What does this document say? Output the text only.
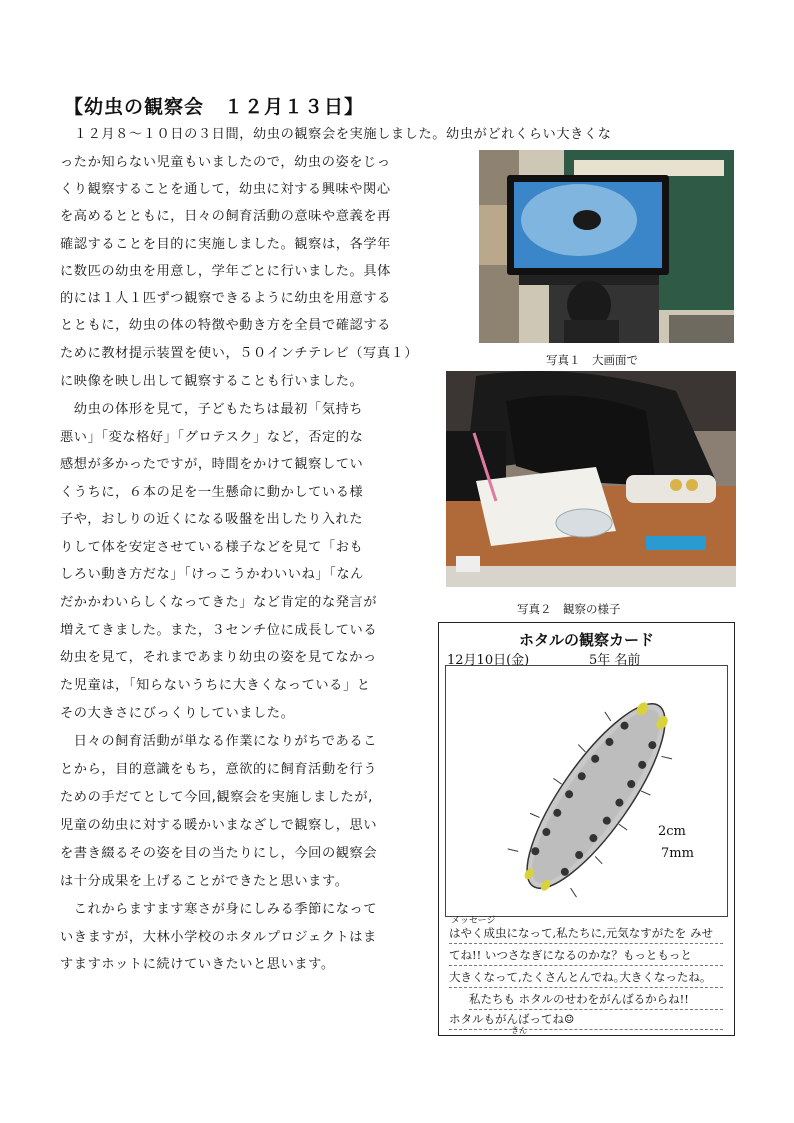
【幼虫の観察会　１２月１３日】
　１２月８～１０日の３日間，幼虫の観察会を実施しました。幼虫がどれくらい大きくな
ったか知らない児童もいましたので，幼虫の姿をじっ
くり観察することを通して，幼虫に対する興味や関心
を高めるとともに，日々の飼育活動の意味や意義を再
確認することを目的に実施しました。観察は，各学年
に数匹の幼虫を用意し，学年ごとに行いました。具体
的には１人１匹ずつ観察できるように幼虫を用意する
とともに，幼虫の体の特徴や動き方を全員で確認する
ために教材提示装置を使い，５０インチテレビ（写真１）
に映像を映し出して観察することも行いました。
　幼虫の体形を見て，子どもたちは最初「気持ち
悪い」「変な格好」「グロテスク」など，否定的な
感想が多かったですが，時間をかけて観察してい
くうちに，６本の足を一生懸命に動かしている様
子や，おしりの近くになる吸盤を出したり入れた
りして体を安定させている様子などを見て「おも
しろい動き方だな」「けっこうかわいいね」「なん
だかかわいらしくなってきた」など肯定的な発言が
増えてきました。また，３センチ位に成長している
幼虫を見て，それまであまり幼虫の姿を見てなかっ
た児童は，｢知らないうちに大きくなっている」と
その大きさにびっくりしていました。
　日々の飼育活動が単なる作業になりがちであるこ
とから，目的意識をもち，意欲的に飼育活動を行う
ための手だてとして今回,観察会を実施しましたが,
児童の幼虫に対する暖かいまなざしで観察し，思い
を書き綴るその姿を目の当たりにし，今回の観察会
は十分成果を上げることができたと思います。
　これからますます寒さが身にしみる季節になって
いきますが，大林小学校のホタルプロジェクトはま
すますホットに続けていきたいと思います。
写真１　大画面で
写真２　観察の様子
ホタルの観察カード
12月10日(金)	5年 名前
2cm
7mm
メッセージ
はやく成虫になって,私たちに,元気なすがたを みせ
てね!! いつさなぎになるのかな？もっともっと
大きくなって,たくさんとんでね｡大きくなったね｡
私たちも ホタルのせわをがんばるからね!!
ホタルもがんばってね☺
きん
